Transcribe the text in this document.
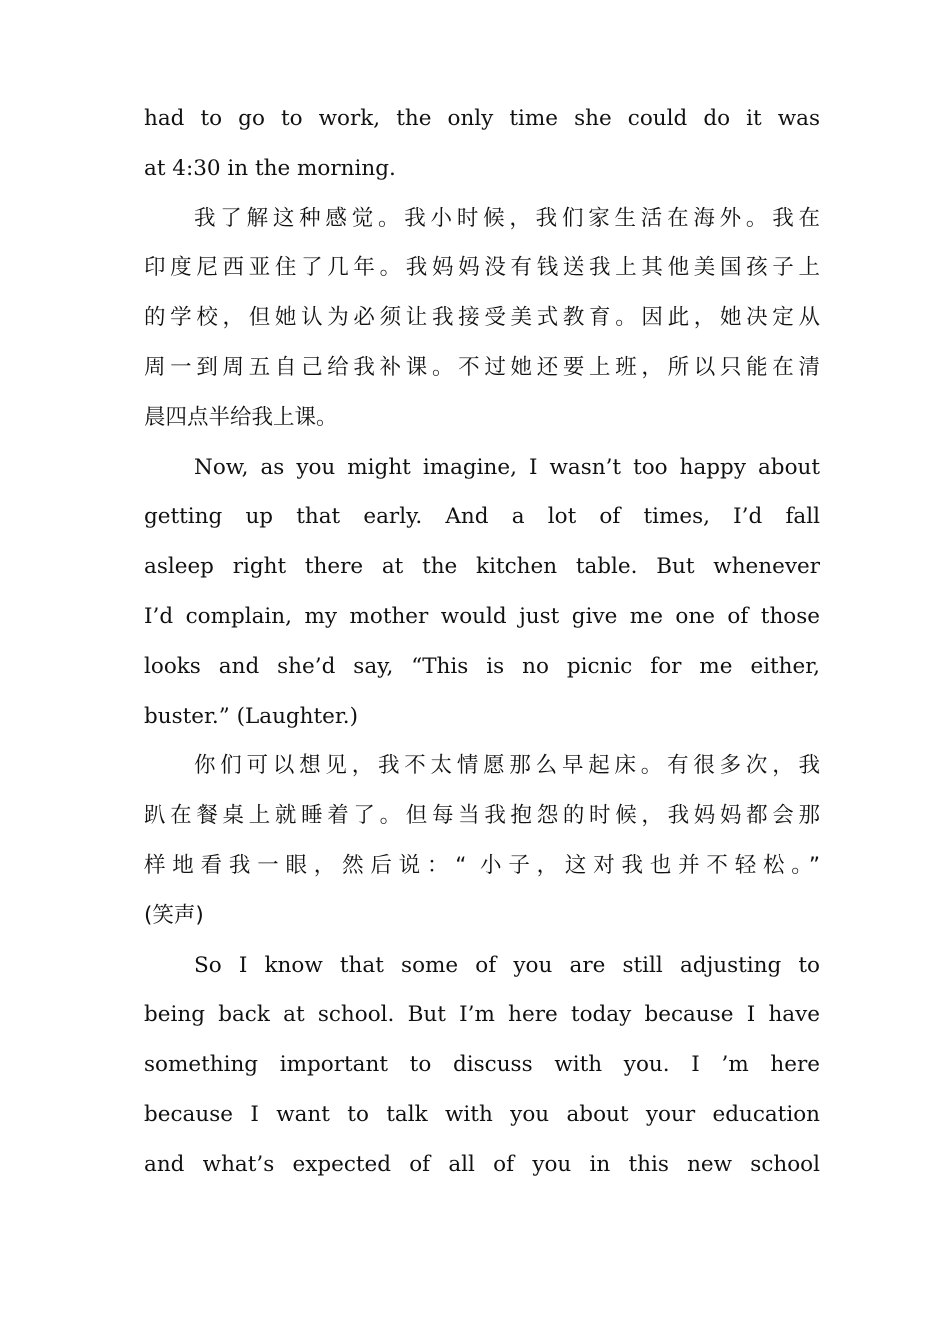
had to go to work, the only time she could do it was
at 4:30 in the morning.
我了解这种感觉。我小时候，我们家生活在海外。我在
印度尼西亚住了几年。我妈妈没有钱送我上其他美国孩子上
的学校，但她认为必须让我接受美式教育。因此，她决定从
周一到周五自己给我补课。不过她还要上班，所以只能在清
晨四点半给我上课。
Now, as you might imagine, I wasn’t too happy about
getting up that early. And a lot of times, I’d fall
asleep right there at the kitchen table. But whenever
I’d complain, my mother would just give me one of those
looks and she’d say, “This is no picnic for me either,
buster.” (Laughter.)
你们可以想见，我不太情愿那么早起床。有很多次，我
趴在餐桌上就睡着了。但每当我抱怨的时候，我妈妈都会那
样地看我一眼，然后说：“ 小子，这对我也并不轻松。”
(笑声)
So I know that some of you are still adjusting to
being back at school. But I’m here today because I have
something important to discuss with you. I ’m here
because I want to talk with you about your education
and what’s expected of all of you in this new school
